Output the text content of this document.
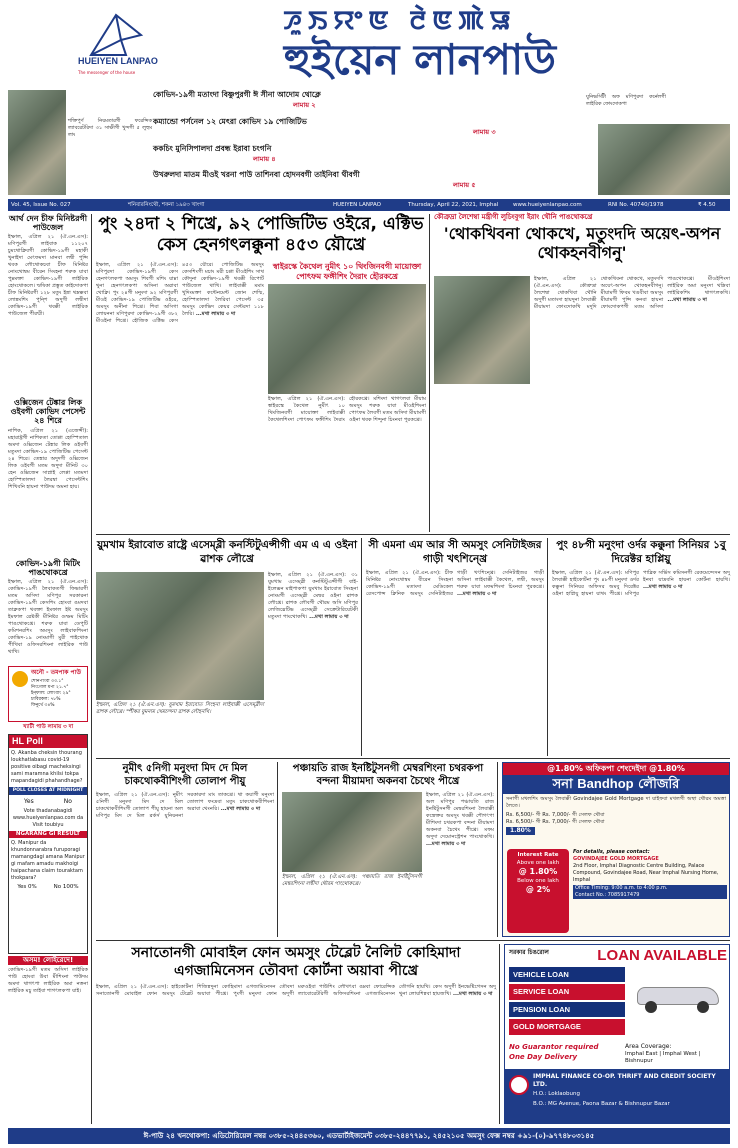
HUEIYEN LANPAO
The messenger of the house
ꯍꯨꯏꯌꯦꯟ ꯂꯥꯟꯄꯥꯎ
হুইয়েন লানপাউ
শক্তিপুর্ণ নিয়মতারগী ফরেন্সিক ল্যাবরেটরিদা ৩১ সাক্ষীগী খুন্দগী ৫ লুহুম লাং
কোভিদ-১৯গী মতাংদা বিষ্ণুপুরগী ঈ সীনা আদোম থোক্লে
লামায় ২
কম্যান্ডো পর্সনেল ১২ মেৎরা কোভিদ ১৯ পোজিটিভ
লামায় ৩
ককচিং মুনিসিপালদা প্রবন্ধ ইরাবা চংগনি
লামায় ৪
উখরুলদা মাতম মীওই খরনা পাউ তাশিনবা হোদনবগী তাইনিবা থীবগী
লামায় ৫
যুনিভর্সিটী অফ মণিপুরদা কর্নেলগী লাইরিক ফোংদোকপা
Vol. 45, Issue No. 027	শনিবারনিংথৌ, শকনা ১৯৪৩ খাংগা	HUEIYEN LANPAO	Thursday, April 22, 2021, Imphal	www.hueiyenlanpao.com	RNI No. 40740/1978	₹ 4.50
আর্থ দেন চীফ মিনিষ্টরগী পাউজেল
ইম্ফাল, এপ্রিল ২১ (ঐ.এন.এস): মণিপুরগী লাইবাক ১১২০৭ চুমথোক্লিবগী কোভিদ-১৯গী মহাকী খুনাইদা মেৎফমদা মানবা লম্বী পুন্সি থবক লৌথোকচবা চীফ মিনিষ্টর নোংথোম্বম বীরেন সিংহনা শরুক য়াবা পুম্নমক্তা কোভিদ-১৯গী লাইরিক হোংথোকলে। ঋষিকা প্রস্তুত কাইদোকপা চীফ মিনিষ্টরগী ১২৮ মতুং ইন্না থম্লক্কবা লোন্নমশিং পুন্শি অদুগী লম্বীদা কোভিদ-১৯গী থবক্কী লাইরিক পাউজেল পীরম্মী।
ওক্সিজেন টেঙ্কার লিক ওইবগী কোভিদ পেসেন্ট ২৪ শিরে
নাশিক, এপ্রিল ২১ (এজেন্সী): মহারাষ্ট্রগী নাশিকতা তোপ্পা হোস্পিতাল অমদা ওক্সিজেন টেঙ্কার লিক ওইবগী মতুংদা কোভিদ-১৯ পোজিটিভ পেসেন্ট ২৪ শিরে। তেঙ্কার অদুদগী ওক্সিজেন লিক ওইবগী মতম অদুদা মীনিট ৩০ হেন ওক্সিজেন সাপ্লাই লেপ্পা মতমদা হোস্পিতালদা লৈরম্বা পেসেন্টশিং শিখিবনি হায়না পাউদম অমনা হায়।
কোভিদ-১৯গী মিটিং পাঙথোকখ্রে
ইম্ফাল, এপ্রিল ২১ (ঐ.এন.এস): কোভিদ-১৯গী লৈবাকতগী ফিভারগী মতম অসিদা মণিপুর সরকারনা কোভিদ-১৯গী কেসশিং হোংবা ঙমদবা তাক্লকপা থবক্তা ইমফাল ইষ্ট অমসুং ইমফাল ৱেষ্টকী মীনিষ্টর গুম্ফম মিটিং পাঙথোকখ্রে। শরুক য়াবা ডেপুটি কমিশনরশিং অমসুং লাইবাকশিংনা কোভিদ-১৯ নোংমাগী মুরী পাইথোক পীখিবা ওফিসরশিংনা লাইরিক পাউ থাখি।
অনৌ - তমপাক পাউ
শোনপাংবা ৩৩.১°
নিংগোল মপা ২১.৭°
ইন্ফাল: লোংবাং ২৯°
চাবিরকল: ৭৮%
ফিনুর্থে ৩৪%
খ্যাটী পাউ লামায় ৩ দা
HL Poll
Q. Akanba cheksin thourang loukhatlabasu covid-19 positive oibagi macheksingi sami maramna khilsi tokpa mapandagidi phahandhage?
POLL CLOSES AT MIDNIGHT
Yes	No
Vote thadanabagidi www.hueiyenlanpao.com da Visit toubiyu
NGARANG GI RESULT
Q. Manipur da khundonnarabra furuporagi mamangdagi amana Manipur gi mafam amadu makhoigi haipachana claim touraktam thokpara?
Yes 0%	No 100%
অসম! লোইরেদে!
কোভিদ-১৯গী মতম অসিদা লাইরিক পাউ হোংবা উবা মীশিংনা পাউদম অমদা থাগৎপা লাইরিক অমা নত্তনা লাইরিক মচু তাইবা শাগৎলকপা য়াই।
পুং ২৪দা ২ শিখ্রে, ৯২ পোজিটিভ ওইরে, এক্টিভ কেস হেনগৎলক্কুনা ৪৫৩ য়ৌখ্রে
ইম্ফাল, এপ্রিল ২১ (ঐ.এন.এস): মণিপুরদা কোভিদ-১৯গী কেস হেনগৎলকপা অমসুং শিবগী মশিং য়াম্না থুনা হেনগৎলকপা অসিনা অৱাবা থোক্লি। পুং ২৪গী মনুংদা ৯২ মণিপুরগী মীওই কোভিদ-১৯ পোজিটিভ ওইরে, অমসুং অনীনা শিখ্রে। শিবা অসিগা লোয়ননা মণিপুরদা কোভিদ-১৯গী ৩৮২ মীওইনা শিখ্রে। হৌজিক এক্টিভ কেস ৪৫৩ য়ৌরে। পোজিটিভ অমসুং কেসশিংগী মচাং মরী চপ্পা মীওইশিং সাথ কৌদুনা কোভিদ-১৯গী থবক্কী রিপোর্ট পাউজেল থাখি। লাইবাক্কী মমাং খুদিংমক্তা কন্টেনমেন্ট জোন শেম্মি, হোস্পিতালদা লৈরিবা পেসেন্ট ৩৫ অমসুং কোভিদ কেয়র সেন্টরদা ১১৮ লৈরি। ...মখা লামায় ৩ দা
স্বাইরস্কে কৈথেল নুমীৎ ১০ থিংজিনবগী মায়োক্তা পোৎফম ফঙ্গীশিং দৈরাং হৌরকখ্রে
ইম্ফাল, এপ্রিল ২১ (ঐ.এন.এস): স্বাইরস্কে কৈথেল নুমীৎ ১০ থিংজিনবগী মায়োক্তা লাইবাক্কী কৈথেলশিংদা পোৎফম ফঙ্গীশিং দৈরাং হৌরকখ্রে। মশিংদা থাগৎলবা মীয়াম অমসুং শরুক য়াবা মীওইশিংনা পোৎফম লৈবগী মতম অসিদা মীয়ামগী ওইনা থবক শিন্দুনা চিংনবা পুরকখ্রে।
কৌত্রুদ্রা লৈশেম্বা মন্ত্রীগী লুচিংবুগা ইরাং থৌনি পাঙথোকখ্রে
'থোকখিবনা থোকখে, মতুংদদি অয়েৎ-অপন থোকহনবীগনু'
ইম্ফাল, এপ্রিল ২১ (ঐ.এন.এস): কৌত্রুদ্রা লৈশেম্বা থোকখিবা থৌনি অদুগী মতাংদা হায়দুনা লৈবাক্কী মীয়ামদা ফোংদোকখি মদুদি থোকখিবনা থোকখে, মতুংদদি অয়েৎ-অপন থোকহনবীগনু। মীয়ামগী ফিবম খঙবীবা অমসুং মীয়ামগী পুন্সি কনবা হায়না ফোংদোকপগী মতম অসিদা পাঙথোকখ্রে। মীওইশিংদা লাইরিক অমা মনুংদা থম্লিবা লাইরিকশিং থাগৎলকখি। ...মখা লামায় ৩ দা
য়ুমখাম ইরাবোত রাষ্ট্রে এসেম্ব্লী কনস্টিটুএন্সীগী এম এ এ ওইনা ৱাশক লৌখ্রে
ইম্ফাল, এপ্রিল ২১ (ঐ.এন.এস): য়ুমখাম ইরাবোত সিংহনা লাইবাক্কী এসেম্ব্লীদা ৱাশক লৌখ্রে। স্পীকর য়ুমনাম খেমচন্দনা ৱাশক লৌহনখি।
ইম্ফাল, এপ্রিল ২১ (ঐ.এন.এস): ৩১ য়ুমখাম এসেম্ব্লী কনস্টিটুএন্সীগী বাই-ইলেক্সন মাইপাকপা য়ুমখাম ইরাবোত সিংহনা নোংমগী এসেম্ব্লী মেম্বর ওইনা ৱাশক লৌখ্রে। ৱাশক লৌবগী থৌরম অসি মণিপুর লেজিস্লেটিভ এসেম্ব্লী সেক্রেটারিয়েটকী মতুংদা পাংথোকখি। ...মখা লামায় ৩ দা
সী এমনা এম আর সী অমসুং সেনিটাইজর গাড়ী খৎশিন্খ্রে
ইম্ফাল, এপ্রিল ২১ (ঐ.এন.এস): চীফ মিনিষ্টর নোংথোম্বম বীরেন সিংহনা কোভিদ-১৯গী মতাংদা মেডিকেল রেসপোন্স ক্লিনিক অমসুং সেনিটাইজর গাড়ী খৎশিন্খ্রে। সেনিটাইজর গাড়ী অসিনা লাইবাক্কী কৈথেল, লম্বী, অমসুং শরুক য়াবা মফমশিংদা চিংনবা পুরকখ্রে। ...মখা লামায় ৩ দা
পুং ৪৮গী মনুংদা ওর্দর কক্কুনা সিনিয়র ১বু দিরেক্টর হাপ্লিয়ু
ইম্ফাল, এপ্রিল ২১ (ঐ.এন.এস): মণিপুর লৈবাক্কী হাইকোর্টনা পুং ৪৮গী মনুংদা ওর্দর কক্কুনা সিনিয়র অফিসর অমবু দিরেক্টর ওইনা হাপ্লিয়ু হায়না য়াথং পীখ্রে। মণিপুর পাব্লিক সর্ভিস কমিসনগী রেকমেন্দেসন অদু ইনবা য়াদ্রবনি হায়না কোর্টনা হায়খি। ...মখা লামায় ৩ দা
নুমীৎ ৫নিগী মনুংদা মিদ দে মিল চাকথোকবীশিংগী তোলাপ পীয়ু
ইম্ফাল, এপ্রিল ২১ (ঐ.এন.এস): নুমীৎ ৫নিগী মনুংদা মিদ দে মিল চাকথোকবীশিংগী তোলাপ পীয়ু হায়না অল মণিপুর মিদ দে মিল ৱর্কর্স য়ুনিয়ননা সরকারদা মাং তাকখ্রে। থা কয়াগী মনুংদা তোলাপ ফংদ্রবা মতুং চাকথোকবীশিংনা অৱাবা থেংনরি। ...মখা লামায় ৩ দা
পঞ্চায়তি রাজ ইনষ্টিটুসনগী মেম্বরশিংনা চথরকপা বন্দনা মীয়ামদা অকনবা চৈথেং পীখ্রে
ইম্ফাল, এপ্রিল ২১ (ঐ.এন.এস): পঞ্চায়তি রাজ ইনষ্টিটুসনগী মেম্বরশিংনা লম্বীদা থৌরম পাংথোকখ্রে।
ইম্ফাল, এপ্রিল ২১ (ঐ.এন.এস): অল মণিপুর পঞ্চায়তি রাজ ইনষ্টিটুসনগী মেম্বরশিংনা লৈবাক্কী কন্ত্রেক্তর অমসুং থবক্কী শৌগৎপা মীশিংদা চথরকপা বন্দনা মীয়ামদা অকনবা চৈথেং পীখ্রে। মফম অদুদা দেমোনস্ট্রেশন পাংথোকখি। ...মখা লামায় ৩ দা
@1.80% অফিকপা শেংদেইদা @1.80%
সনা Bandhop লৌজরি
সনাগী মখলশিং অমসুং লৈবাক্কী Govindajee Gold Mortgage দা য়াইফবা মখলগী অস্থা থৌরম অমত্তা লৈতে।
Rs. 6,500/- গী Rs. 7,000/- গী সেলফ থৌবা
Rs. 6,500/- গী Rs. 7,000/- গী সেলফ থৌবা
1.80%
Interest Rate
Above one lakh
@ 1.80%
Below one lakh
@ 2%
For details, please contact:
GOVINDAJEE GOLD MORTGAGE
2nd Floor, Imphal Diagnostic Centre Building, Palace Compound, Govindajee Road, Near Imphal Nursing Home, Imphal
Office Timing: 9:00 a.m. to 4:00 p.m.
Contact No.: 7085917479
সনাতোনগী মোবাইল ফোন অমসুং টেব্লেট নৈলিট কোহিমাদা এগজামিনেসন তৌবদা কোর্টনা অয়াবা পীখ্রে
ইম্ফাল, এপ্রিল ২১ (ঐ.এন.এস): হাইকোর্টনা সনাতোনগী মোবাইল ফোন অমসুং টেব্লেট শিজিন্নদুনা কোহিমাদা এগজামিনেসন তৌবদা অয়াবা পীখ্রে। পুংগী মনুংদা ফোন অদুগী মরুওইবা পাউশিং লৌখৎবা ঙম্নবা ফোরেন্সিক ল্যাবোরেটরিগী অফিসরশিংনা এগজামিনেসন তৌগনি হায়খি। কেস অদুগী ইনভেষ্টিগেসন অদু থুনা লোয়শিন্নবা হায়জখি। ...মখা লামায় ৩ দা
সরকার চিঙরোল	LOAN AVAILABLE
VEHICLE LOAN
SERVICE LOAN
PENSION LOAN
GOLD MORTGAGE
No Guarantor required
One Day Delivery
Area Coverage:
Imphal East | Imphal West | Bishnupur
IMPHAL FINANCE CO-OP. THRIFT AND CREDIT SOCIETY LTD.
H.O.: Loklaobung
B.O.: MG Avenue, Paona Bazar & Bishnupur Bazar
ঈ-পাউ ২৪ খনথোকপা: এডিটোরিয়েল নম্বর ০৩৮৫-২৪৪৫৩৬০, এডভার্টাইজমেন্ট ০৩৮৫-২৪৪৭৭৯১, ২৪৫২১০৫ অমসুং ফেক্স নম্বর +৯১-(০)-৯৭৭৪৮০৩১৪৫
